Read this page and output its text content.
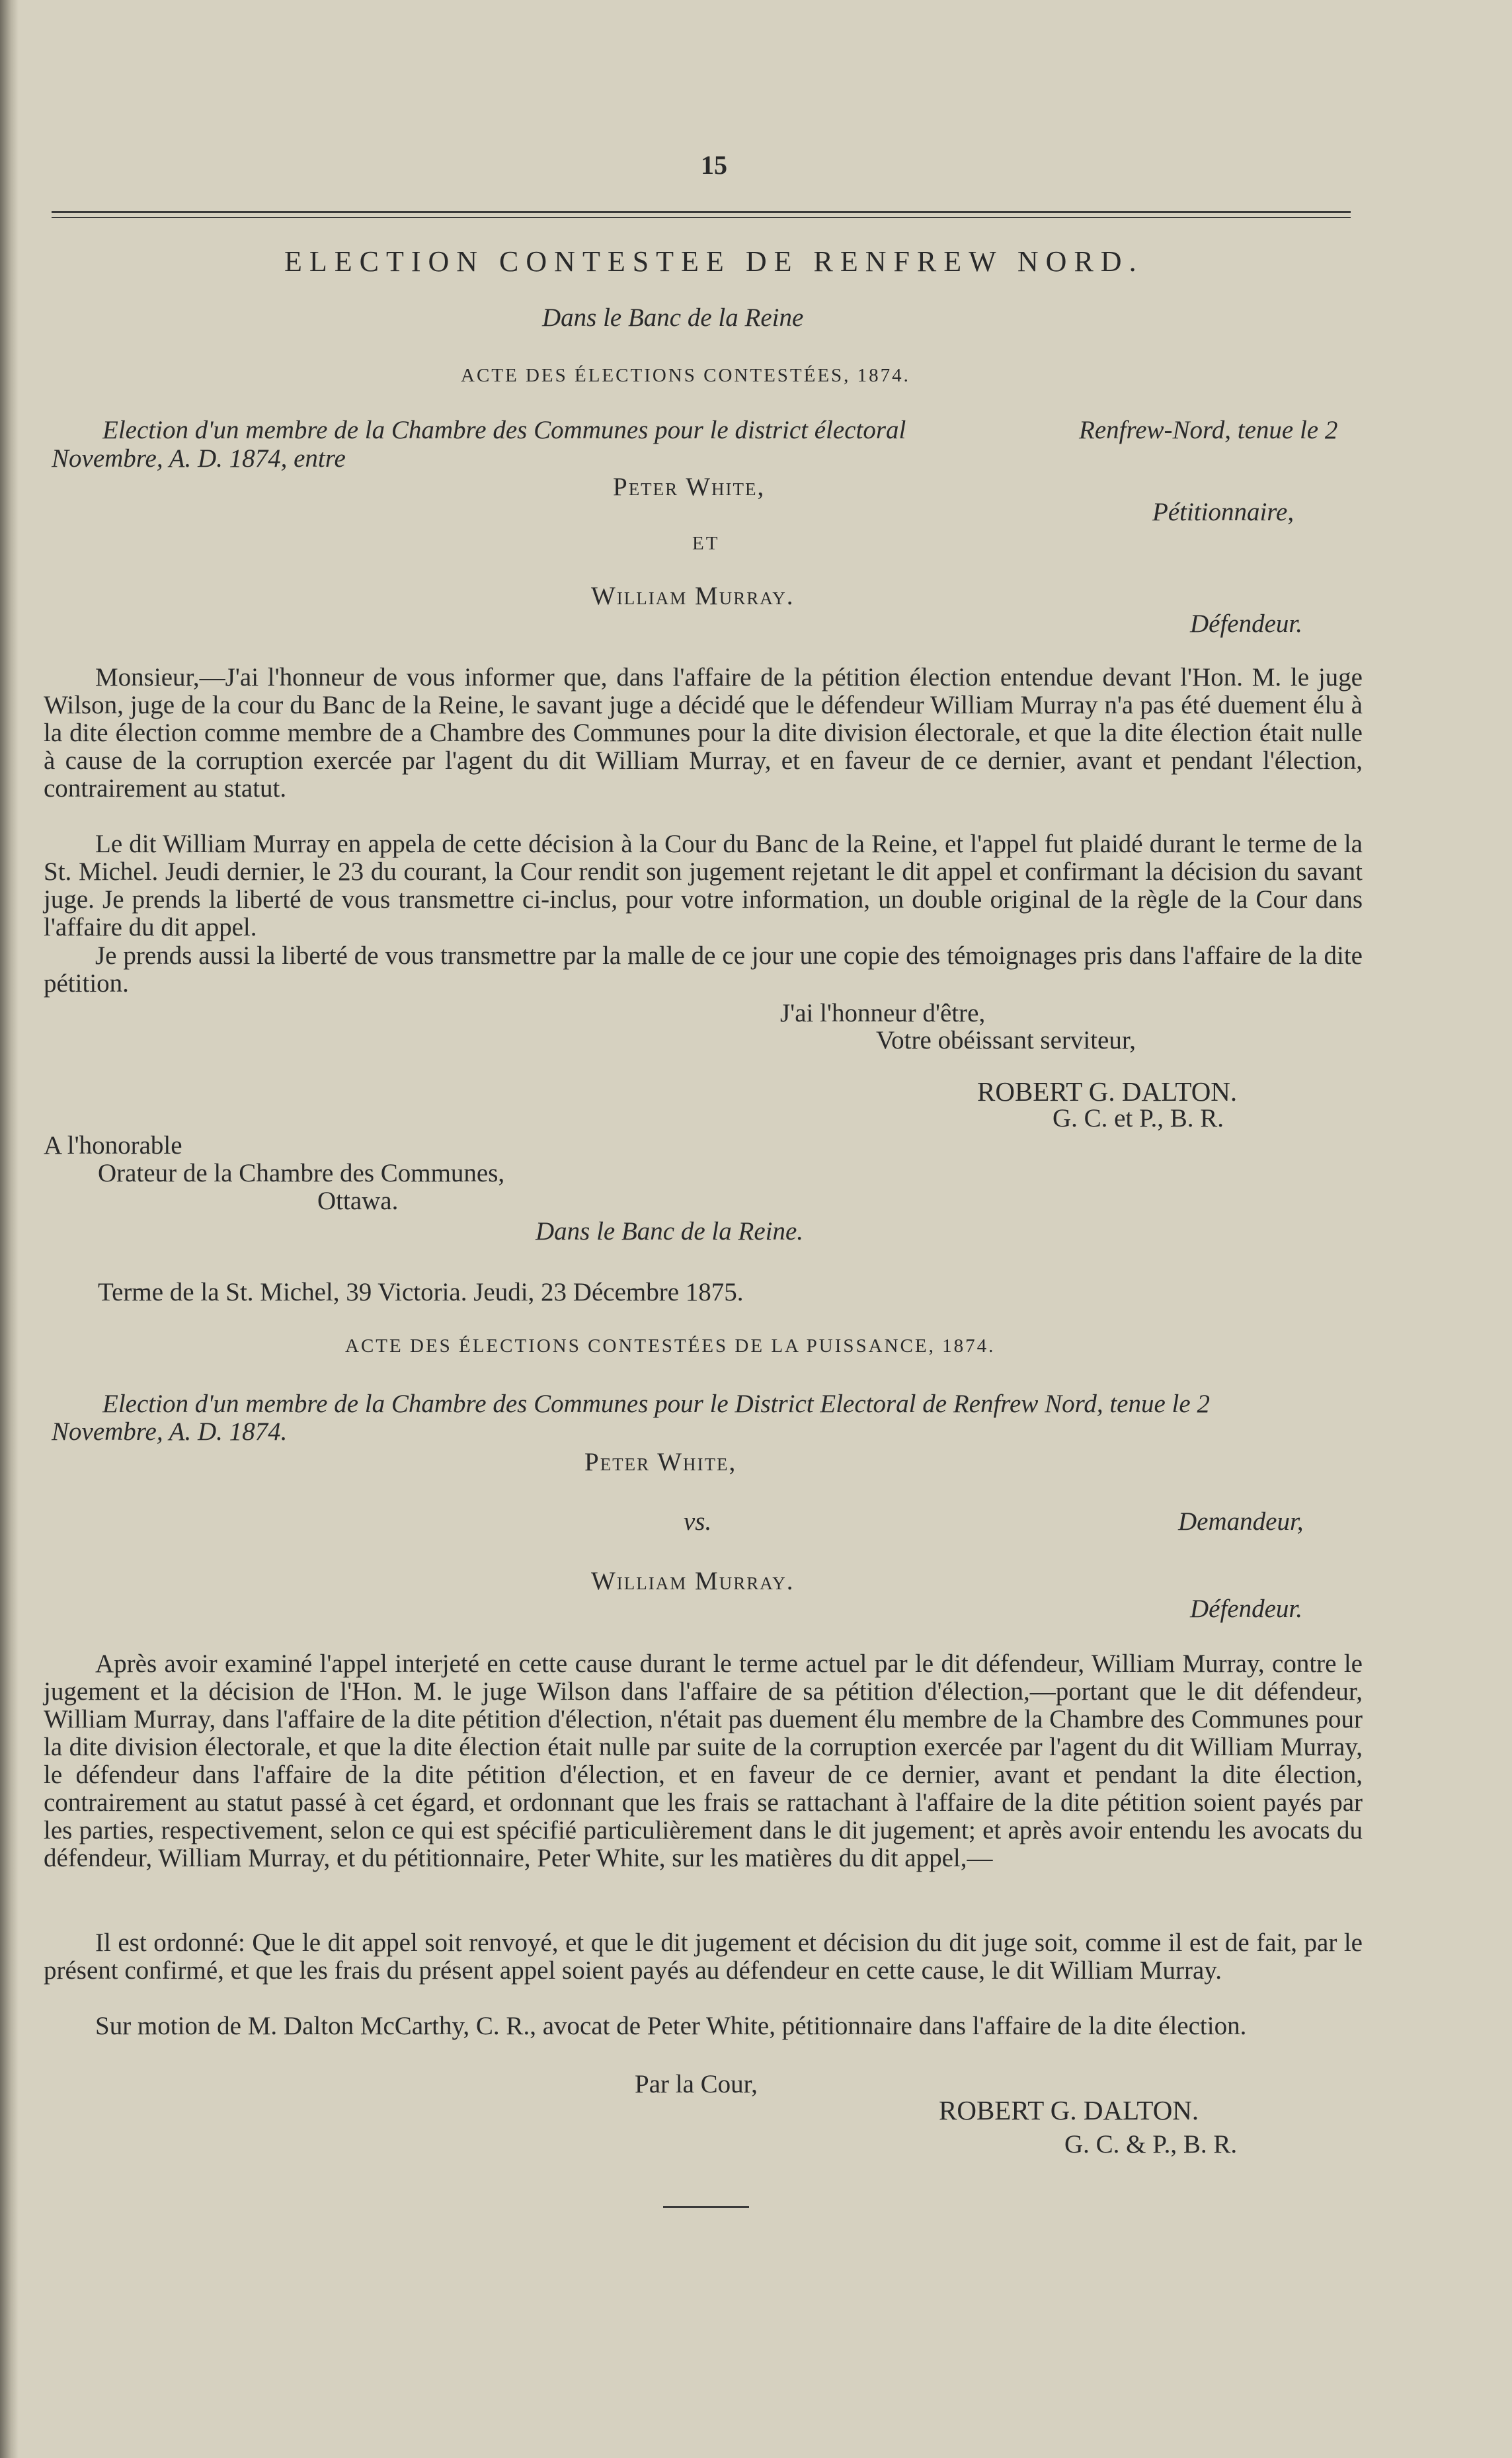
15
ELECTION CONTESTEE DE RENFREW NORD.
Dans le Banc de la Reine
ACTE DES ÉLECTIONS CONTESTÉES, 1874.
Election d'un membre de la Chambre des Communes pour le district électoral	Renfrew-Nord, tenue le 2
Novembre, A. D. 1874, entre
Peter White,
Pétitionnaire,
ET
William Murray.
Défendeur.
Monsieur,—J'ai l'honneur de vous informer que, dans l'affaire de la pétition élection entendue devant l'Hon. M. le juge Wilson, juge de la cour du Banc de la Reine, le savant juge a décidé que le défendeur William Murray n'a pas été duement élu à la dite élection comme membre de a Chambre des Communes pour la dite division électorale, et que la dite élection était nulle à cause de la corruption exercée par l'agent du dit William Murray, et en faveur de ce dernier, avant et pendant l'élection, contrairement au statut.
Le dit William Murray en appela de cette décision à la Cour du Banc de la Reine, et l'appel fut plaidé durant le terme de la St. Michel. Jeudi dernier, le 23 du courant, la Cour rendit son jugement rejetant le dit appel et confirmant la décision du savant juge. Je prends la liberté de vous transmettre ci-inclus, pour votre information, un double original de la règle de la Cour dans l'affaire du dit appel.
Je prends aussi la liberté de vous transmettre par la malle de ce jour une copie des témoignages pris dans l'affaire de la dite pétition.
J'ai l'honneur d'être,
Votre obéissant serviteur,
ROBERT G. DALTON.
G. C. et P., B. R.
A l'honorable
Orateur de la Chambre des Communes,
Ottawa.
Dans le Banc de la Reine.
Terme de la St. Michel, 39 Victoria. Jeudi, 23 Décembre 1875.
ACTE DES ÉLECTIONS CONTESTÉES DE LA PUISSANCE, 1874.
Election d'un membre de la Chambre des Communes pour le District Electoral de Renfrew Nord, tenue le 2
Novembre, A. D. 1874.
Peter White,
vs.	Demandeur,
William Murray.
Défendeur.
Après avoir examiné l'appel interjeté en cette cause durant le terme actuel par le dit défendeur, William Murray, contre le jugement et la décision de l'Hon. M. le juge Wilson dans l'affaire de sa pétition d'élection,—portant que le dit défendeur, William Murray, dans l'affaire de la dite pétition d'élection, n'était pas duement élu membre de la Chambre des Communes pour la dite division électorale, et que la dite élection était nulle par suite de la corruption exercée par l'agent du dit William Murray, le défendeur dans l'affaire de la dite pétition d'élection, et en faveur de ce dernier, avant et pendant la dite élection, contrairement au statut passé à cet égard, et ordonnant que les frais se rattachant à l'affaire de la dite pétition soient payés par les parties, respectivement, selon ce qui est spécifié particulièrement dans le dit jugement; et après avoir entendu les avocats du défendeur, William Murray, et du pétitionnaire, Peter White, sur les matières du dit appel,—
Il est ordonné: Que le dit appel soit renvoyé, et que le dit jugement et décision du dit juge soit, comme il est de fait, par le présent confirmé, et que les frais du présent appel soient payés au défendeur en cette cause, le dit William Murray.
Sur motion de M. Dalton McCarthy, C. R., avocat de Peter White, pétitionnaire dans l'affaire de la dite élection.
Par la Cour,
ROBERT G. DALTON.
G. C. & P., B. R.
